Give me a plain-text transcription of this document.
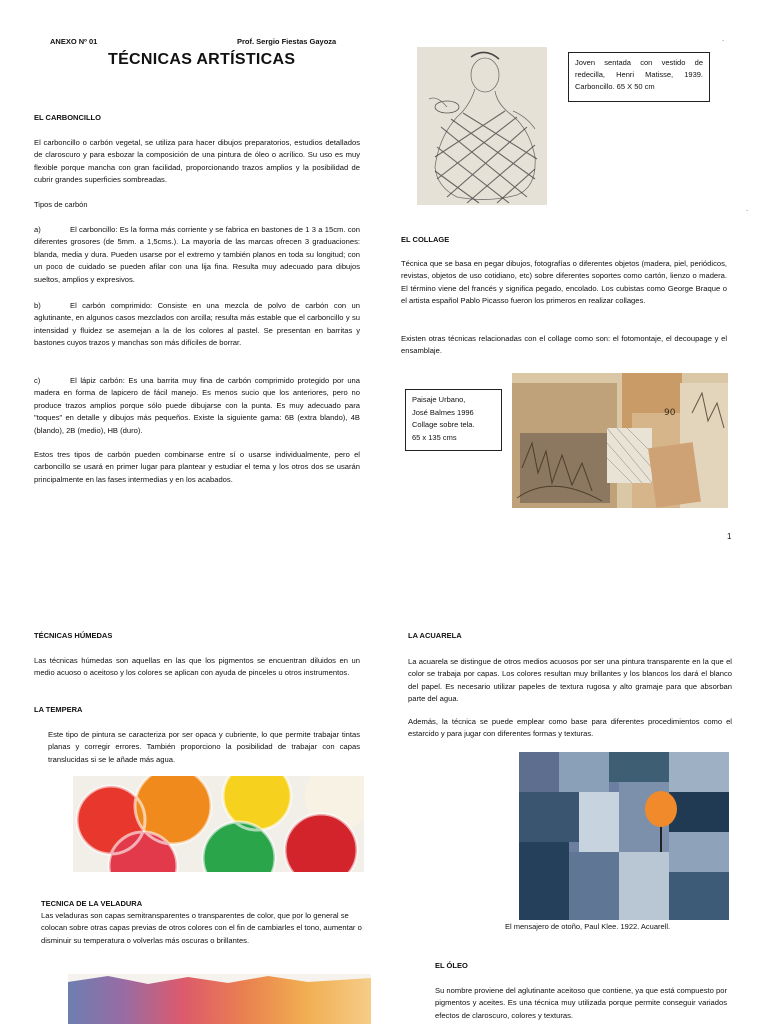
ANEXO Nº 01	Prof. Sergio Fiestas Gayoza
TÉCNICAS ARTÍSTICAS
.
.
EL CARBONCILLO
El carboncillo o carbón vegetal, se utiliza para hacer dibujos preparatorios, estudios detallados de claroscuro y para esbozar la composición de una pintura de óleo o acrílico. Su uso es muy flexible porque mancha con gran facilidad, proporcionando trazos amplios y la posibilidad de cubrir grandes superficies sombreadas.
Tipos de carbón
a)	El carboncillo: Es la forma más corriente y se fabrica en bastones de 1 3 a 15cm. con diferentes grosores (de 5mm. a 1,5cms.). La mayoría de las marcas ofrecen 3 graduaciones: blanda, media y dura. Pueden usarse por el extremo y también planos en toda su longitud; con un poco de cuidado se pueden afilar con una lija fina. Resulta muy adecuado para dibujos sueltos, amplios y expresivos.
b)	El carbón comprimido: Consiste en una mezcla de polvo de carbón con un aglutinante, en algunos casos mezclados con arcilla; resulta más estable que el carboncillo y su intensidad y fluidez se asemejan a la de los colores al pastel. Se presentan en barritas y bastones cuyos trazos y manchas son más difíciles de borrar.
c)	El lápiz carbón: Es una barrita muy fina de carbón comprimido protegido por una madera en forma de lapicero de fácil manejo. Es menos sucio que los anteriores, pero no produce trazos amplios porque sólo puede dibujarse con la punta. Es muy adecuado para "toques" en detalle y dibujos más pequeños. Existe la siguiente gama: 6B (extra blando), 4B (blando), 2B (medio), HB (duro).
Estos tres tipos de carbón pueden combinarse entre sí o usarse individualmente, pero el carboncillo se usará en primer lugar para plantear y estudiar el tema y los otros dos se usarán principalmente en las fases intermedias y en los acabados.
Joven sentada con vestido de redecilla, Henri Matisse, 1939. Carboncillo. 65 X 50 cm
EL COLLAGE
Técnica que se basa en pegar dibujos, fotografías o diferentes objetos (madera, piel, periódicos, revistas, objetos de uso cotidiano, etc) sobre diferentes soportes como cartón, lienzo o madera. El término viene del francés y significa pegado, encolado. Los cubistas como George Braque o el artista español Pablo Picasso fueron los primeros en realizar collages.
Existen otras técnicas relacionadas con el collage como son: el fotomontaje, el decoupage y el ensamblaje.
Paisaje Urbano,
José Balmes 1996
Collage sobre tela.
65 x 135 cms
90
1
TÉCNICAS HÚMEDAS
Las técnicas húmedas son aquellas en las que los pigmentos se encuentran diluidos en un medio acuoso o aceitoso y los colores se aplican con ayuda de pinceles u otros instrumentos.
LA TEMPERA
Este tipo de pintura se caracteriza por ser opaca y cubriente, lo que permite trabajar tintas planas y corregir errores. También proporciono la posibilidad de trabajar con capas translucidas si se le añade más agua.
TECNICA DE LA VELADURA
Las veladuras son capas semitransparentes o transparentes de color, que por lo general se colocan sobre otras capas previas de otros colores con el fin de cambiarles el tono, aumentar o disminuir su temperatura o volverlas más oscuras o brillantes.
LA ACUARELA
La acuarela se distingue de otros medios acuosos por ser una pintura transparente en la que el color se trabaja por capas. Los colores resultan muy brillantes y los blancos los dará el blanco del papel. Es necesario utilizar papeles de textura rugosa y alto gramaje para que absorban parte del agua.
Además, la técnica se puede emplear como base para diferentes procedimientos como el estarcido y para jugar con diferentes formas y texturas.
El mensajero de otoño, Paul Klee. 1922. Acuarell.
EL ÓLEO
Su nombre proviene del aglutinante aceitoso que contiene, ya que está compuesto por pigmentos y aceites. Es una técnica muy utilizada porque permite conseguir variados efectos de claroscuro, colores y texturas.
